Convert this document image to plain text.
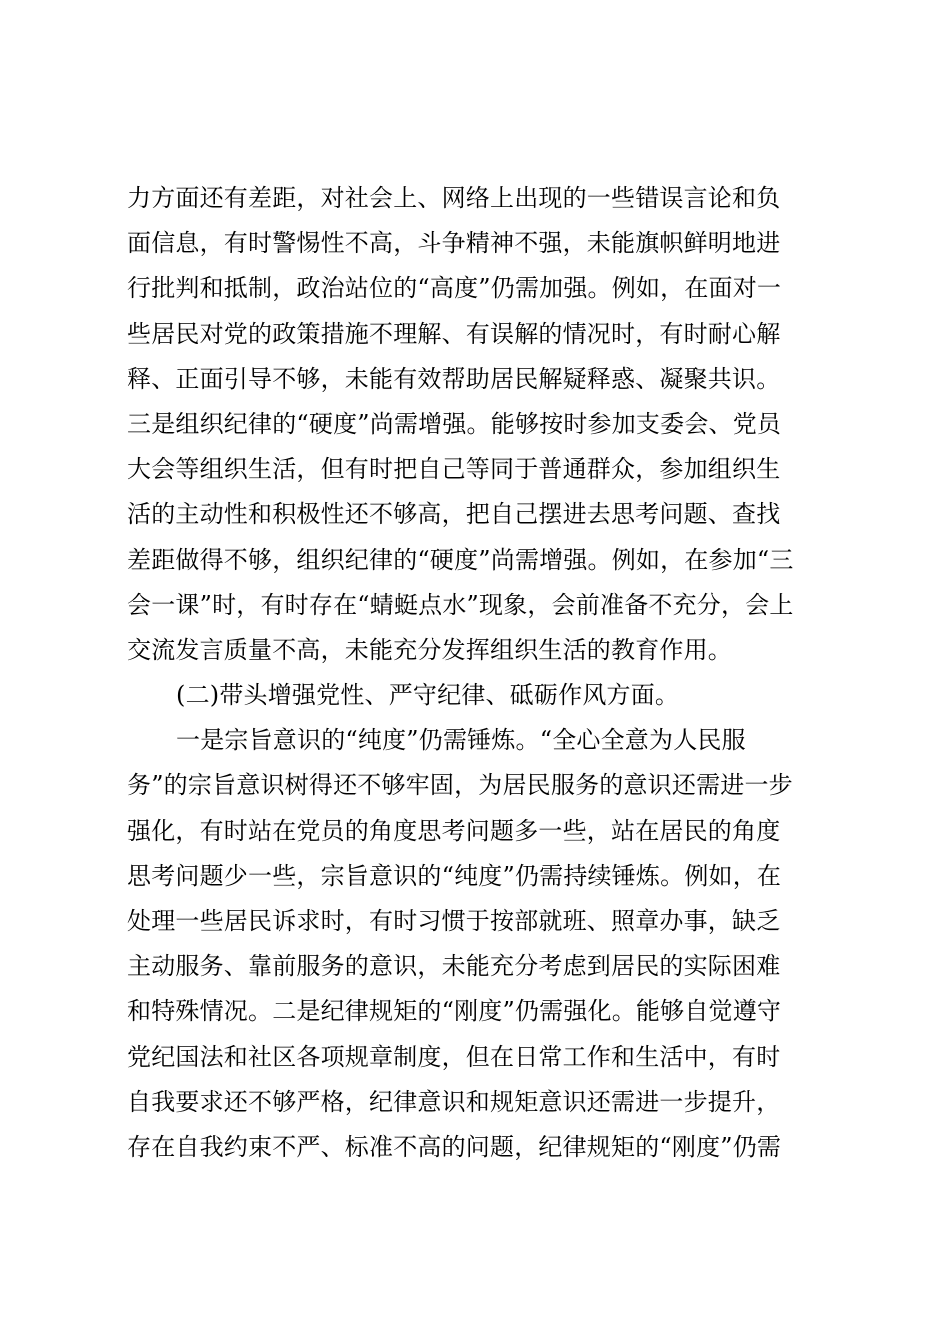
力方面还有差距，对社会上、网络上出现的一些错误言论和负
面信息，有时警惕性不高，斗争精神不强，未能旗帜鲜明地进
行批判和抵制，政治站位的“高度”仍需加强。例如，在面对一
些居民对党的政策措施不理解、有误解的情况时，有时耐心解
释、正面引导不够，未能有效帮助居民解疑释惑、凝聚共识。
三是组织纪律的“硬度”尚需增强。能够按时参加支委会、党员
大会等组织生活，但有时把自己等同于普通群众，参加组织生
活的主动性和积极性还不够高，把自己摆进去思考问题、查找
差距做得不够，组织纪律的“硬度”尚需增强。例如，在参加“三
会一课”时，有时存在“蜻蜓点水”现象，会前准备不充分，会上
交流发言质量不高，未能充分发挥组织生活的教育作用。
(二)带头增强党性、严守纪律、砥砺作风方面。
一是宗旨意识的“纯度”仍需锤炼。“全心全意为人民服
务”的宗旨意识树得还不够牢固，为居民服务的意识还需进一步
强化，有时站在党员的角度思考问题多一些，站在居民的角度
思考问题少一些，宗旨意识的“纯度”仍需持续锤炼。例如，在
处理一些居民诉求时，有时习惯于按部就班、照章办事，缺乏
主动服务、靠前服务的意识，未能充分考虑到居民的实际困难
和特殊情况。二是纪律规矩的“刚度”仍需强化。能够自觉遵守
党纪国法和社区各项规章制度，但在日常工作和生活中，有时
自我要求还不够严格，纪律意识和规矩意识还需进一步提升，
存在自我约束不严、标准不高的问题，纪律规矩的“刚度”仍需
